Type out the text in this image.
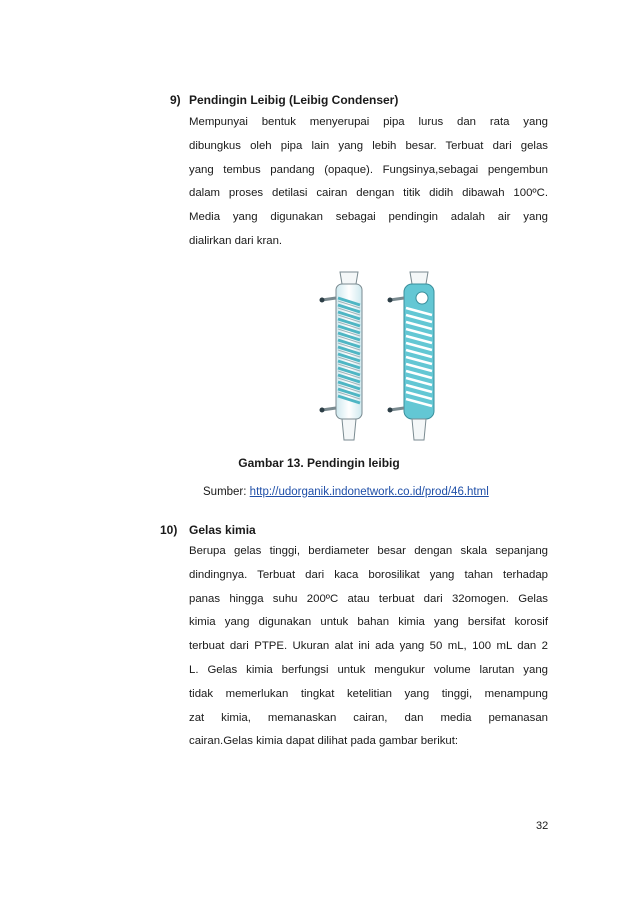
9) Pendingin Leibig (Leibig Condenser)
Mempunyai bentuk menyerupai pipa lurus dan rata yang
dibungkus oleh pipa lain yang lebih besar. Terbuat dari gelas
yang tembus pandang (opaque). Fungsinya,sebagai pengembun
dalam proses detilasi cairan dengan titik didih dibawah 100ºC.
Media yang digunakan sebagai pendingin adalah air yang
dialirkan dari kran.
Gambar 13. Pendingin leibig
Sumber: http://udorganik.indonetwork.co.id/prod/46.html
10) Gelas kimia
Berupa gelas tinggi, berdiameter besar dengan skala sepanjang
dindingnya. Terbuat dari kaca borosilikat yang tahan terhadap
panas hingga suhu 200ºC atau terbuat dari 32omogen. Gelas
kimia yang digunakan untuk bahan kimia yang bersifat korosif
terbuat dari PTPE. Ukuran alat ini ada yang 50 mL, 100 mL dan 2
L. Gelas kimia berfungsi untuk mengukur volume larutan yang
tidak memerlukan tingkat ketelitian yang tinggi, menampung
zat kimia, memanaskan cairan, dan media pemanasan
cairan.Gelas kimia dapat dilihat pada gambar berikut:
32
